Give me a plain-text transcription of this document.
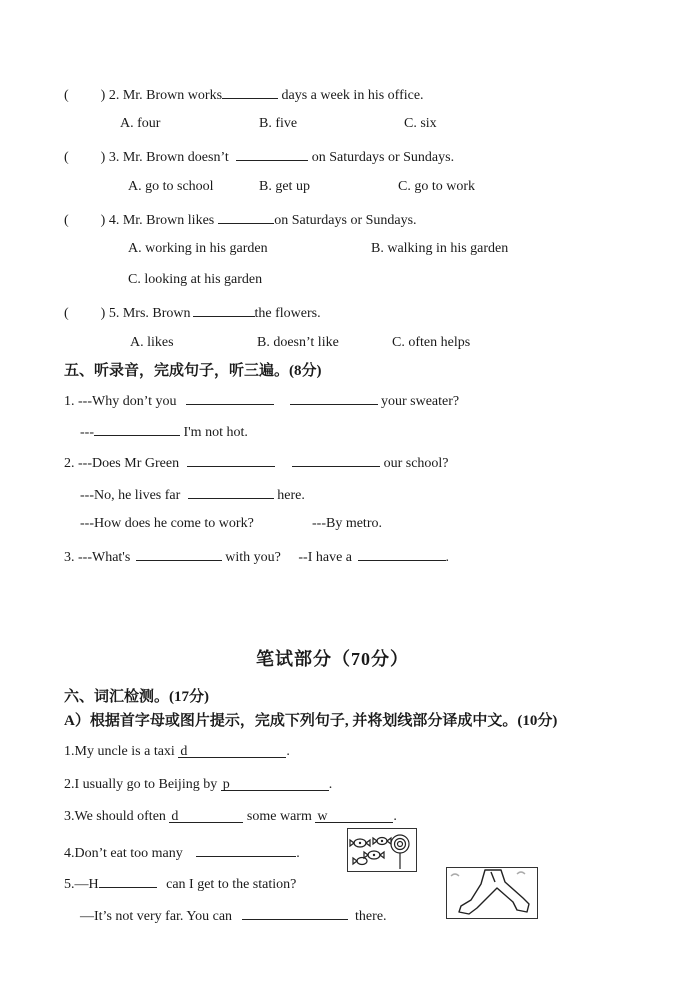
( ) 2. Mr. Brown works	days a week in his office.
A. four	B. five	C. six
( ) 3. Mr. Brown doesn’t	on Saturdays or Sundays.
A. go to school	B. get up	C. go to work
( ) 4. Mr. Brown likes	on Saturdays or Sundays.
A. working in his garden	B. walking in his garden
C. looking at his garden
( ) 5. Mrs. Brown	the flowers.
A. likes	B. doesn’t like	C. often helps
五、听录音，完成句子，听三遍。(8分)
1. ---Why don’t you	your sweater?
---	I'm not hot.
2. ---Does Mr Green	our school?
---No, he lives far	here.
---How does he come to work?	---By metro.
3. ---What's	with you? --I have a	.
笔试部分（70分）
六、词汇检测。(17分)
A）根据首字母或图片提示，完成下列句子, 并将划线部分译成中文。(10分)
1.My uncle is a taxi d	.
2.I usually go to Beijing by p	.
3.We should often d	some warm w	.
4.Don’t eat too many	.
5.—H	can I get to the station?
—It’s not very far. You can	there.
